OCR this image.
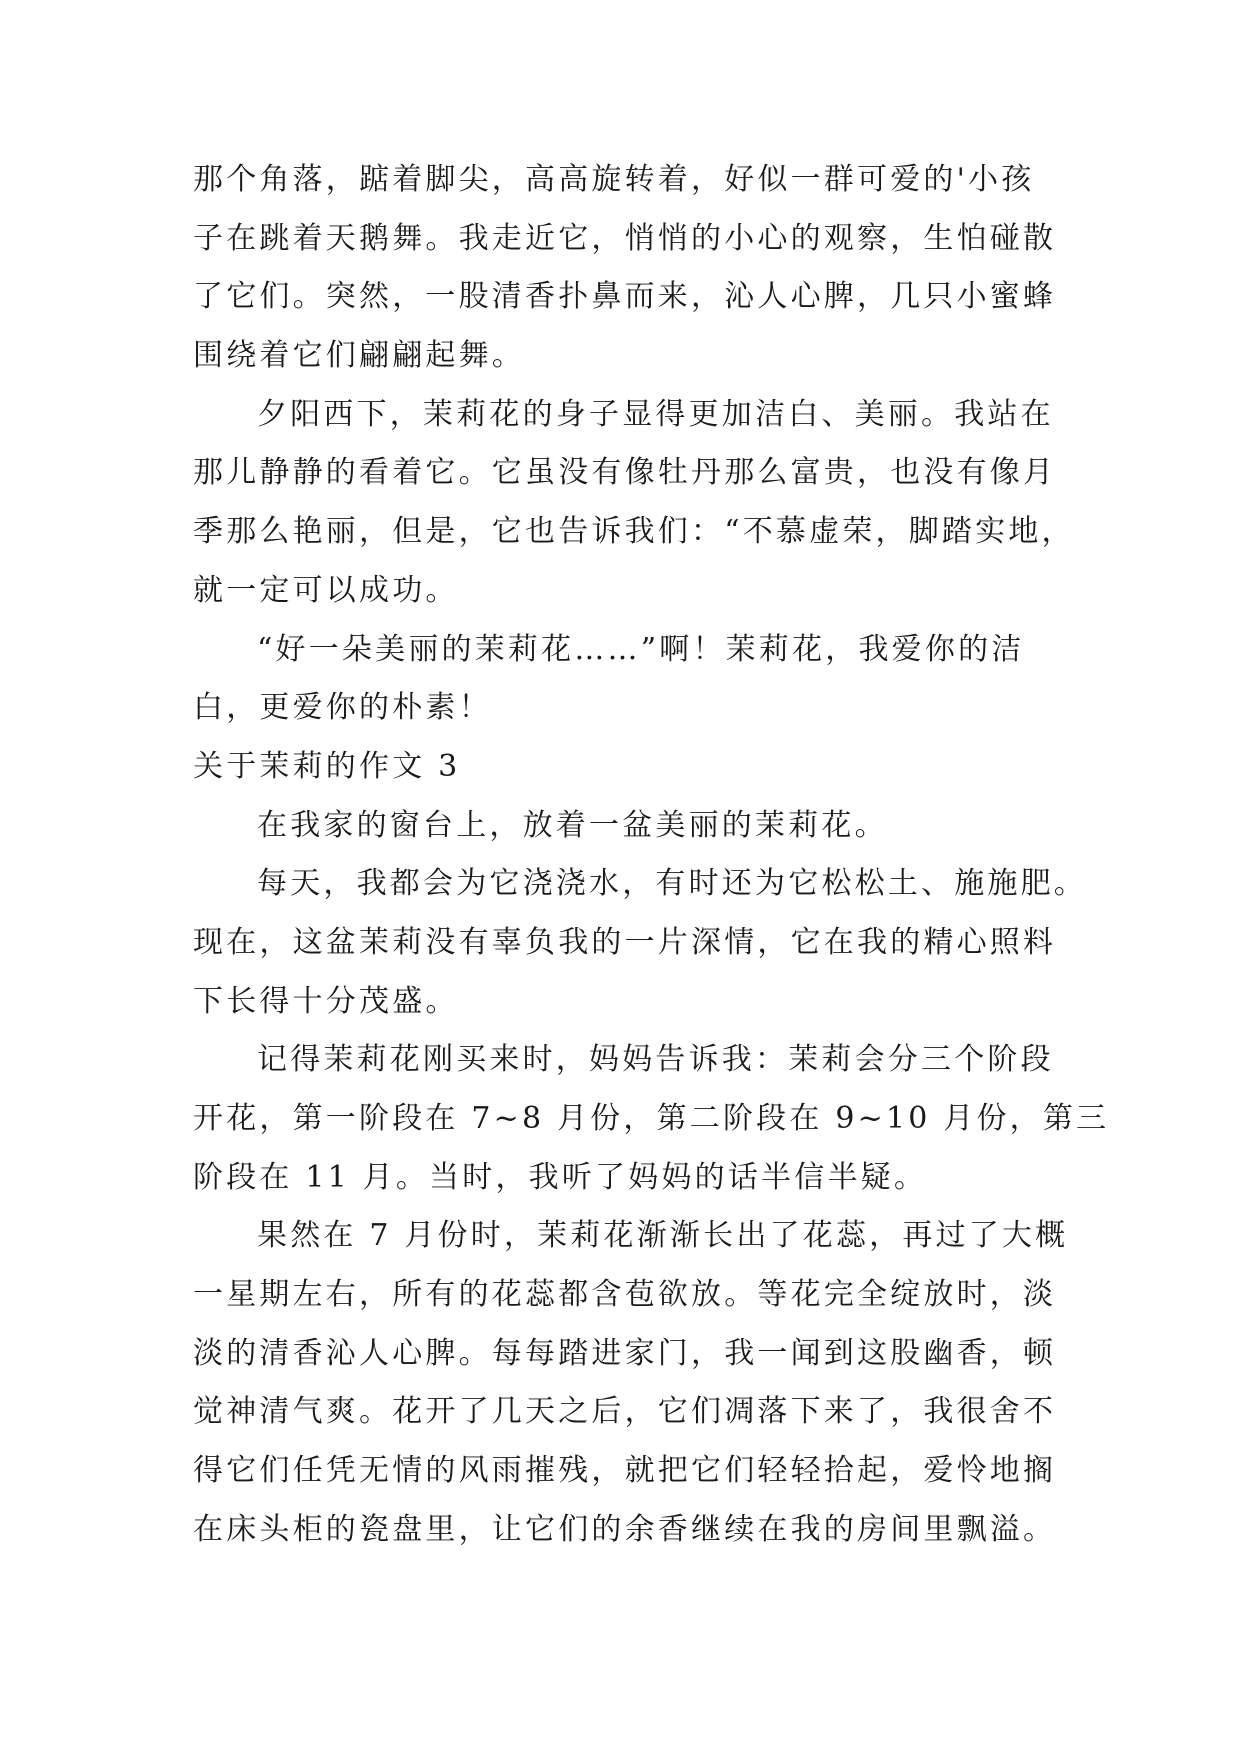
那个角落，踮着脚尖，高高旋转着，好似一群可爱的'小孩
子在跳着天鹅舞。我走近它，悄悄的小心的观察，生怕碰散
了它们。突然，一股清香扑鼻而来，沁人心脾，几只小蜜蜂
围绕着它们翩翩起舞。
夕阳西下，茉莉花的身子显得更加洁白、美丽。我站在
那儿静静的看着它。它虽没有像牡丹那么富贵，也没有像月
季那么艳丽，但是，它也告诉我们：“不慕虚荣，脚踏实地，
就一定可以成功。
“好一朵美丽的茉莉花……”啊！茉莉花，我爱你的洁
白，更爱你的朴素！
关于茉莉的作文 3
在我家的窗台上，放着一盆美丽的茉莉花。
每天，我都会为它浇浇水，有时还为它松松土、施施肥。
现在，这盆茉莉没有辜负我的一片深情，它在我的精心照料
下长得十分茂盛。
记得茉莉花刚买来时，妈妈告诉我：茉莉会分三个阶段
开花，第一阶段在 7~8 月份，第二阶段在 9~10 月份，第三
阶段在 11 月。当时，我听了妈妈的话半信半疑。
果然在 7 月份时，茉莉花渐渐长出了花蕊，再过了大概
一星期左右，所有的花蕊都含苞欲放。等花完全绽放时，淡
淡的清香沁人心脾。每每踏进家门，我一闻到这股幽香，顿
觉神清气爽。花开了几天之后，它们凋落下来了，我很舍不
得它们任凭无情的风雨摧残，就把它们轻轻拾起，爱怜地搁
在床头柜的瓷盘里，让它们的余香继续在我的房间里飘溢。
